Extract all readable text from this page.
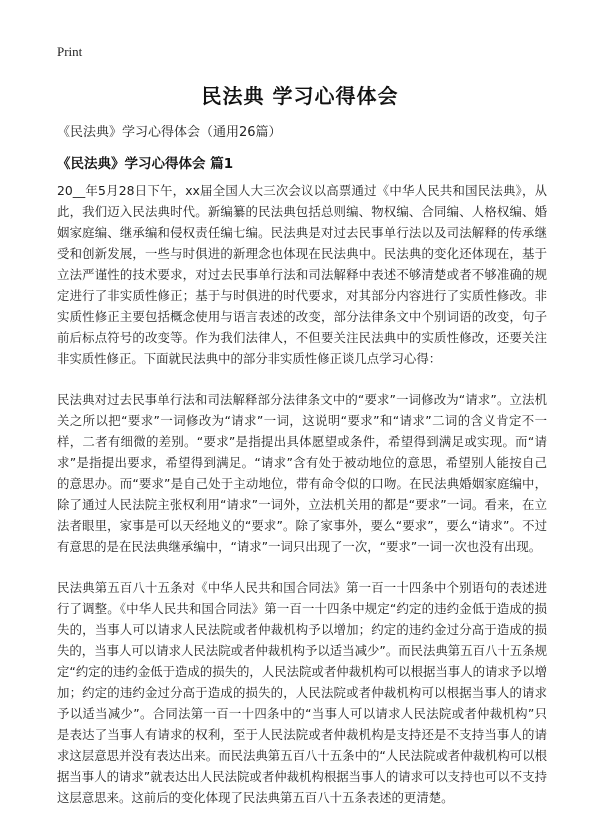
Print
民法典 学习心得体会
《民法典》学习心得体会（通用26篇）
《民法典》学习心得体会 篇1

20__年5月28日下午，xx届全国人大三次会议以高票通过《中华人民共和国民法典》，从此，我们迈入民法典时代。新编纂的民法典包括总则编、物权编、合同编、人格权编、婚姻家庭编、继承编和侵权责任编七编。民法典是对过去民事单行法以及司法解释的传承继受和创新发展，一些与时俱进的新理念也体现在民法典中。民法典的变化还体现在，基于立法严谨性的技术要求，对过去民事单行法和司法解释中表述不够清楚或者不够准确的规定进行了非实质性修正；基于与时俱进的时代要求，对其部分内容进行了实质性修改。非实质性修正主要包括概念使用与语言表述的改变，部分法律条文中个别词语的改变，句子前后标点符号的改变等。作为我们法律人，不但要关注民法典中的实质性修改，还要关注非实质性修正。下面就民法典中的部分非实质性修正谈几点学习心得：

民法典对过去民事单行法和司法解释部分法律条文中的“要求”一词修改为“请求”。立法机关之所以把“要求”一词修改为“请求”一词，这说明“要求”和“请求”二词的含义肯定不一样，二者有细微的差别。“要求”是指提出具体愿望或条件，希望得到满足或实现。而“请求”是指提出要求，希望得到满足。“请求”含有处于被动地位的意思，希望别人能按自己的意思办。而“要求”是自己处于主动地位，带有命令似的口吻。在民法典婚姻家庭编中，除了通过人民法院主张权利用“请求”一词外，立法机关用的都是“要求”一词。看来，在立法者眼里，家事是可以天经地义的“要求”。除了家事外，要么“要求”，要么“请求”。不过有意思的是在民法典继承编中，“请求”一词只出现了一次，“要求”一词一次也没有出现。

民法典第五百八十五条对《中华人民共和国合同法》第一百一十四条中个别语句的表述进行了调整。《中华人民共和国合同法》第一百一十四条中规定“约定的违约金低于造成的损失的，当事人可以请求人民法院或者仲裁机构予以增加；约定的违约金过分高于造成的损失的，当事人可以请求人民法院或者仲裁机构予以适当减少”。而民法典第五百八十五条规定“约定的违约金低于造成的损失的，人民法院或者仲裁机构可以根据当事人的请求予以增加；约定的违约金过分高于造成的损失的，人民法院或者仲裁机构可以根据当事人的请求予以适当减少”。合同法第一百一十四条中的“当事人可以请求人民法院或者仲裁机构”只是表达了当事人有请求的权利，至于人民法院或者仲裁机构是支持还是不支持当事人的请求这层意思并没有表达出来。而民法典第五百八十五条中的“人民法院或者仲裁机构可以根据当事人的请求”就表达出人民法院或者仲裁机构根据当事人的请求可以支持也可以不支持这层意思来。这前后的变化体现了民法典第五百八十五条表述的更清楚。
